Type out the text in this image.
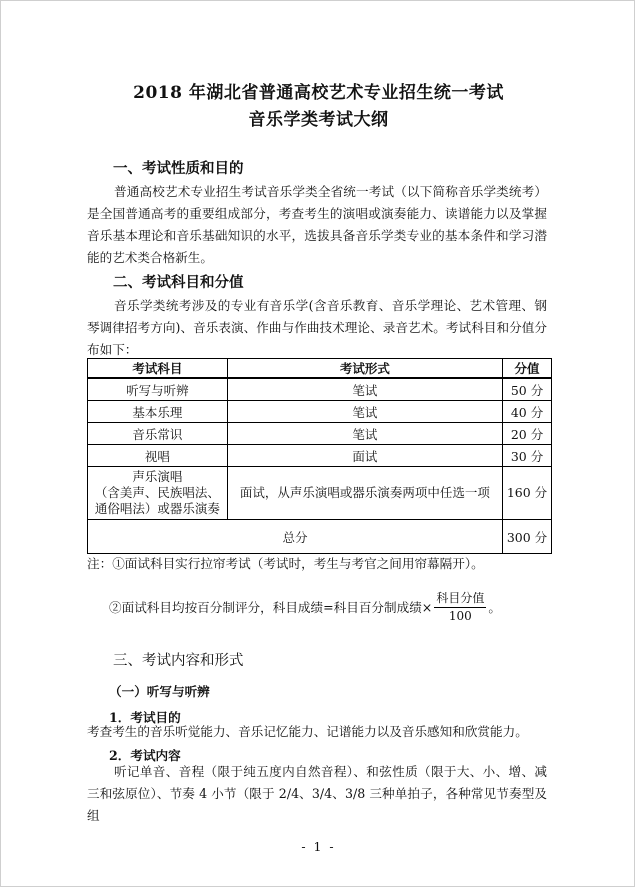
2018 年湖北省普通高校艺术专业招生统一考试
音乐学类考试大纲
一、考试性质和目的

普通高校艺术专业招生考试音乐学类全省统一考试（以下简称音乐学类统考）是全国普通高考的重要组成部分，考查考生的演唱或演奏能力、读谱能力以及掌握音乐基本理论和音乐基础知识的水平，选拔具备音乐学类专业的基本条件和学习潜能的艺术类合格新生。

二、考试科目和分值

音乐学类统考涉及的专业有音乐学(含音乐教育、音乐学理论、艺术管理、钢琴调律招考方向)、音乐表演、作曲与作曲技术理论、录音艺术。考试科目和分值分布如下：

考试科目	考试形式	分值
听写与听辨	笔试	50 分
基本乐理	笔试	40 分
音乐常识	笔试	20 分
视唱	面试	30 分

声乐演唱
（含美声、民族唱法、
通俗唱法）或器乐演奏	面试，从声乐演唱或器乐演奏两项中任选一项	160 分
总分		300 分
注：①面试科目实行拉帘考试（考试时，考生与考官之间用帘幕隔开）。
②面试科目均按百分制评分，科目成绩=科目百分制成绩× $\frac{\text{科目分值}}{100}$ 。
三、考试内容和形式
（一）听写与听辨
1．考试目的

考查考生的音乐听觉能力、音乐记忆能力、记谱能力以及音乐感知和欣赏能力。

2．考试内容

听记单音、音程（限于纯五度内自然音程）、和弦性质（限于大、小、增、减三和弦原位）、节奏 4 小节（限于 2/4、3/4、3/8 三种单拍子，各种常见节奏型及组

- 1 -
